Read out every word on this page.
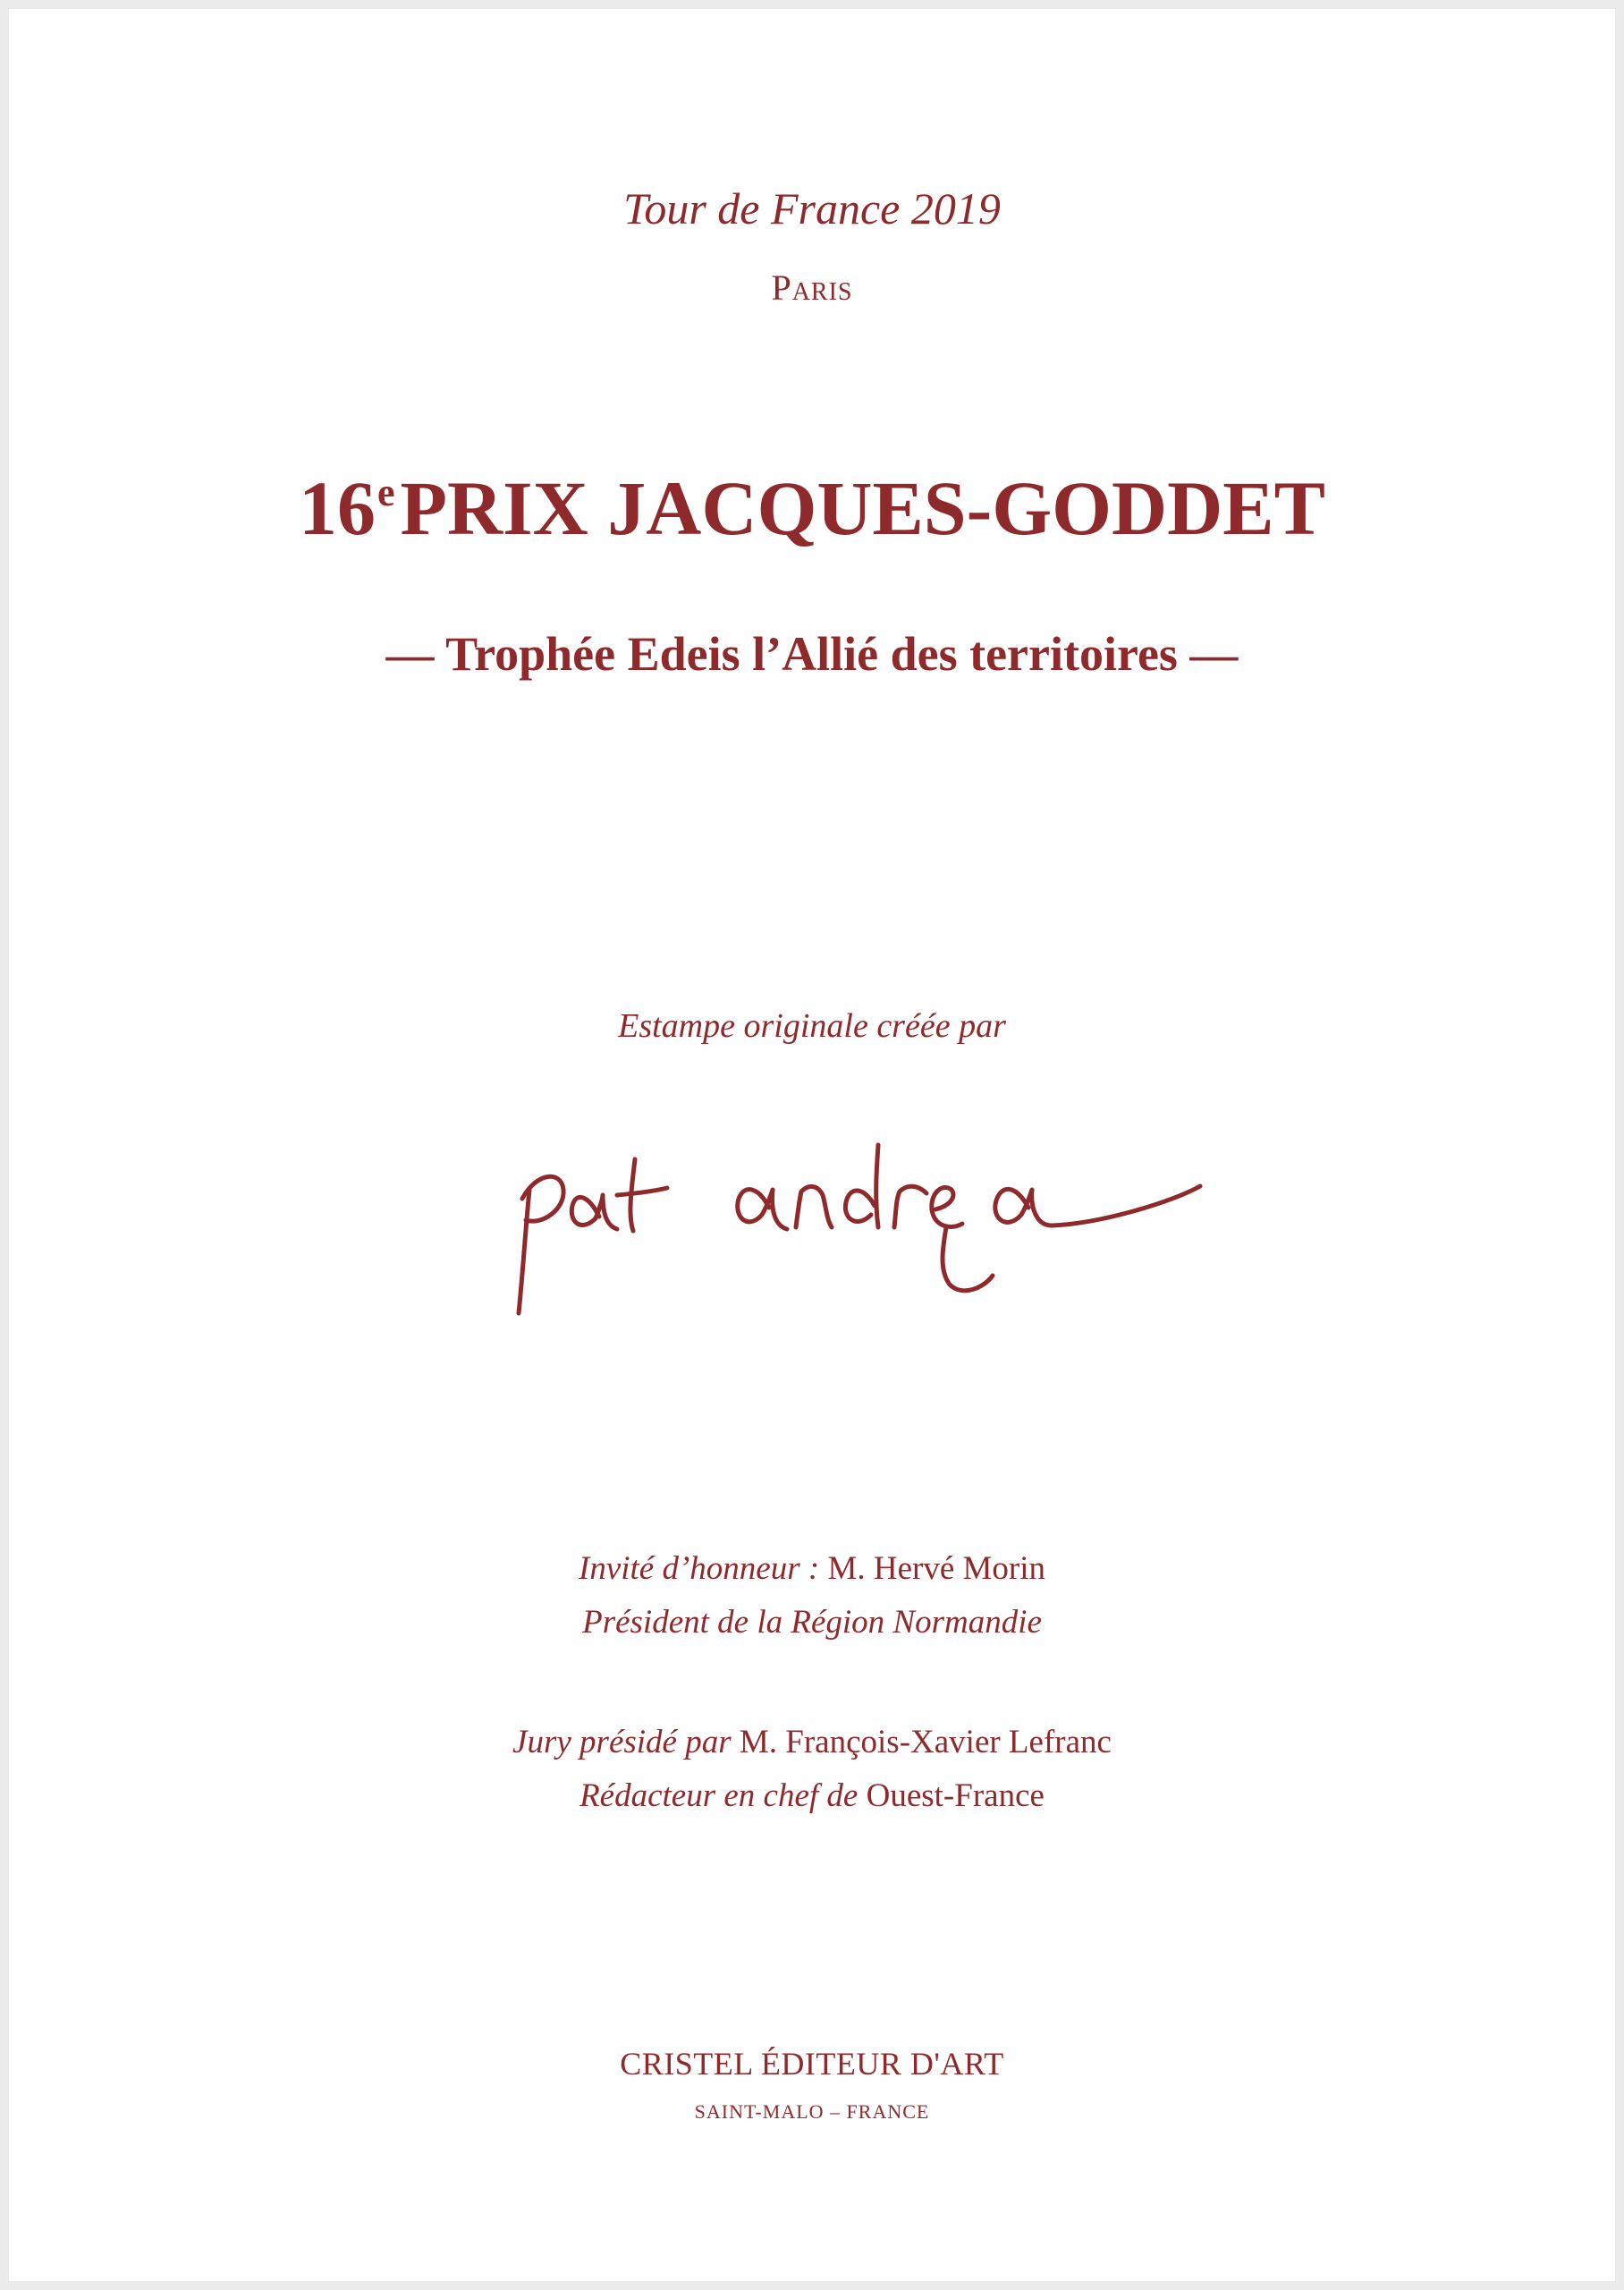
Tour de France 2019
Paris
16ePRIX JACQUES-GODDET
— Trophée Edeis l’Allié des territoires —
Estampe originale créée par
Invité d’honneur : M. Hervé Morin
Président de la Région Normandie
Jury présidé par M. François-Xavier Lefranc
Rédacteur en chef de Ouest-France
CRISTEL ÉDITEUR D'ART
SAINT-MALO – FRANCE
